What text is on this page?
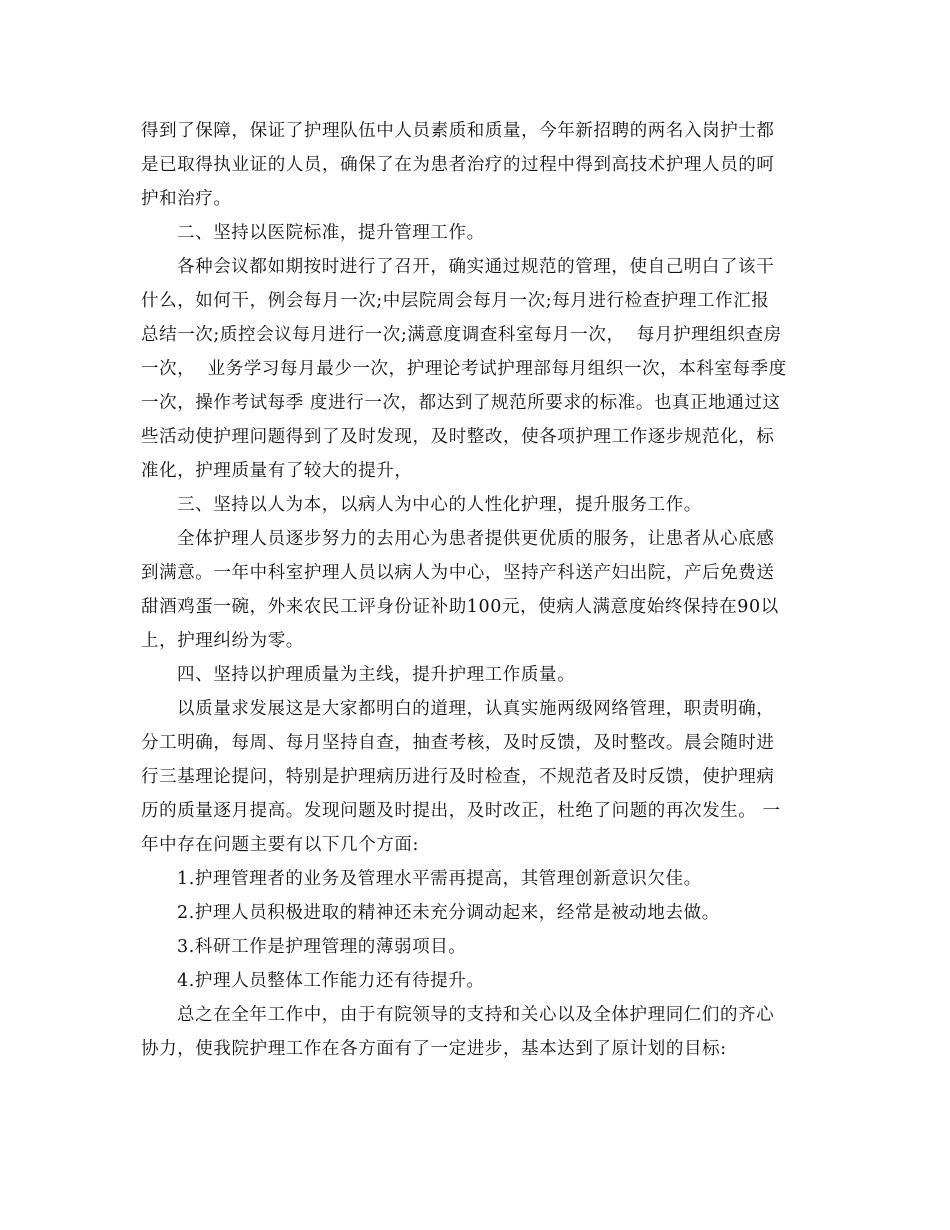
得到了保障，保证了护理队伍中人员素质和质量，今年新招聘的两名入岗护士都
是已取得执业证的人员，确保了在为患者治疗的过程中得到高技术护理人员的呵
护和治疗。
二、坚持以医院标准，提升管理工作。
各种会议都如期按时进行了召开，确实通过规范的管理，使自己明白了该干
什么，如何干，例会每月一次;中层院周会每月一次;每月进行检查护理工作汇报
总结一次;质控会议每月进行一次;满意度调查科室每月一次，  每月护理组织查房
一次，  业务学习每月最少一次，护理论考试护理部每月组织一次，本科室每季度
一次，操作考试每季 度进行一次，都达到了规范所要求的标准。也真正地通过这
些活动使护理问题得到了及时发现，及时整改，使各项护理工作逐步规范化，标
准化，护理质量有了较大的提升，
三、坚持以人为本，以病人为中心的人性化护理，提升服务工作。
全体护理人员逐步努力的去用心为患者提供更优质的服务，让患者从心底感
到满意。一年中科室护理人员以病人为中心，坚持产科送产妇出院，产后免费送
甜酒鸡蛋一碗，外来农民工评身份证补助100元，使病人满意度始终保持在90以
上，护理纠纷为零。
四、坚持以护理质量为主线，提升护理工作质量。
以质量求发展这是大家都明白的道理，认真实施两级网络管理，职责明确，
分工明确，每周、每月坚持自查，抽查考核，及时反馈，及时整改。晨会随时进
行三基理论提问，特别是护理病历进行及时检查，不规范者及时反馈，使护理病
历的质量逐月提高。发现问题及时提出，及时改正，杜绝了问题的再次发生。 一
年中存在问题主要有以下几个方面:
1.护理管理者的业务及管理水平需再提高，其管理创新意识欠佳。
2.护理人员积极进取的精神还未充分调动起来，经常是被动地去做。
3.科研工作是护理管理的薄弱项目。
4.护理人员整体工作能力还有待提升。
总之在全年工作中，由于有院领导的支持和关心以及全体护理同仁们的齐心
协力，使我院护理工作在各方面有了一定进步，基本达到了原计划的目标:
